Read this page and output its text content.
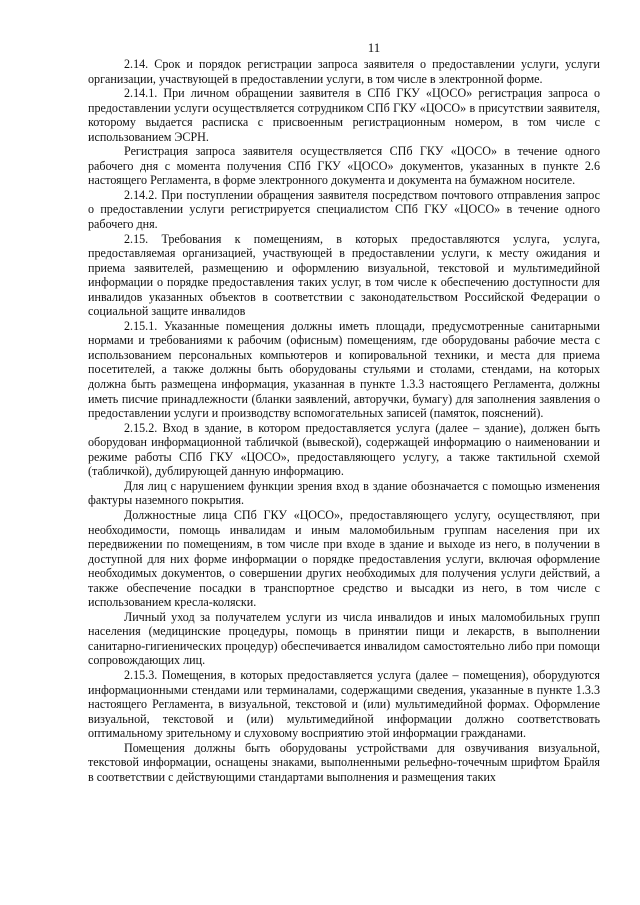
11

2.14. Срок и порядок регистрации запроса заявителя о предоставлении услуги, услуги организации, участвующей в предоставлении услуги, в том числе в электронной форме.

2.14.1. При личном обращении заявителя в СПб ГКУ «ЦОСО» регистрация запроса о предоставлении услуги осуществляется сотрудником СПб ГКУ «ЦОСО» в присутствии заявителя, которому выдается расписка с присвоенным регистрационным номером, в том числе с использованием ЭСРН.

Регистрация запроса заявителя осуществляется СПб ГКУ «ЦОСО» в течение одного рабочего дня с момента получения СПб ГКУ «ЦОСО» документов, указанных в пункте 2.6 настоящего Регламента, в форме электронного документа и документа на бумажном носителе.

2.14.2. При поступлении обращения заявителя посредством почтового отправления запрос о предоставлении услуги регистрируется специалистом СПб ГКУ «ЦОСО» в течение одного рабочего дня.

2.15. Требования к помещениям, в которых предоставляются услуга, услуга, предоставляемая организацией, участвующей в предоставлении услуги, к месту ожидания и приема заявителей, размещению и оформлению визуальной, текстовой и мультимедийной информации о порядке предоставления таких услуг, в том числе к обеспечению доступности для инвалидов указанных объектов в соответствии с законодательством Российской Федерации о социальной защите инвалидов

2.15.1. Указанные помещения должны иметь площади, предусмотренные санитарными нормами и требованиями к рабочим (офисным) помещениям, где оборудованы рабочие места с использованием персональных компьютеров и копировальной техники, и места для приема посетителей, а также должны быть оборудованы стульями и столами, стендами, на которых должна быть размещена информация, указанная в пункте 1.3.3 настоящего Регламента, должны иметь писчие принадлежности (бланки заявлений, авторучки, бумагу) для заполнения заявления о предоставлении услуги и производству вспомогательных записей (памяток, пояснений).

2.15.2. Вход в здание, в котором предоставляется услуга (далее – здание), должен быть оборудован информационной табличкой (вывеской), содержащей информацию о наименовании и режиме работы СПб ГКУ «ЦОСО», предоставляющего услугу, а также тактильной схемой (табличкой), дублирующей данную информацию.

Для лиц с нарушением функции зрения вход в здание обозначается с помощью изменения фактуры наземного покрытия.

Должностные лица СПб ГКУ «ЦОСО», предоставляющего услугу, осуществляют, при необходимости, помощь инвалидам и иным маломобильным группам населения при их передвижении по помещениям, в том числе при входе в здание и выходе из него, в получении в доступной для них форме информации о порядке предоставления услуги, включая оформление необходимых документов, о совершении других необходимых для получения услуги действий, а также обеспечение посадки в транспортное средство и высадки из него, в том числе с использованием кресла-коляски.

Личный уход за получателем услуги из числа инвалидов и иных маломобильных групп населения (медицинские процедуры, помощь в принятии пищи и лекарств, в выполнении санитарно-гигиенических процедур) обеспечивается инвалидом самостоятельно либо при помощи сопровождающих лиц.

2.15.3. Помещения, в которых предоставляется услуга (далее – помещения), оборудуются информационными стендами или терминалами, содержащими сведения, указанные в пункте 1.3.3 настоящего Регламента, в визуальной, текстовой и (или) мультимедийной формах. Оформление визуальной, текстовой и (или) мультимедийной информации должно соответствовать оптимальному зрительному и слуховому восприятию этой информации гражданами.

Помещения должны быть оборудованы устройствами для озвучивания визуальной, текстовой информации, оснащены знаками, выполненными рельефно-точечным шрифтом Брайля в соответствии с действующими стандартами выполнения и размещения таких
